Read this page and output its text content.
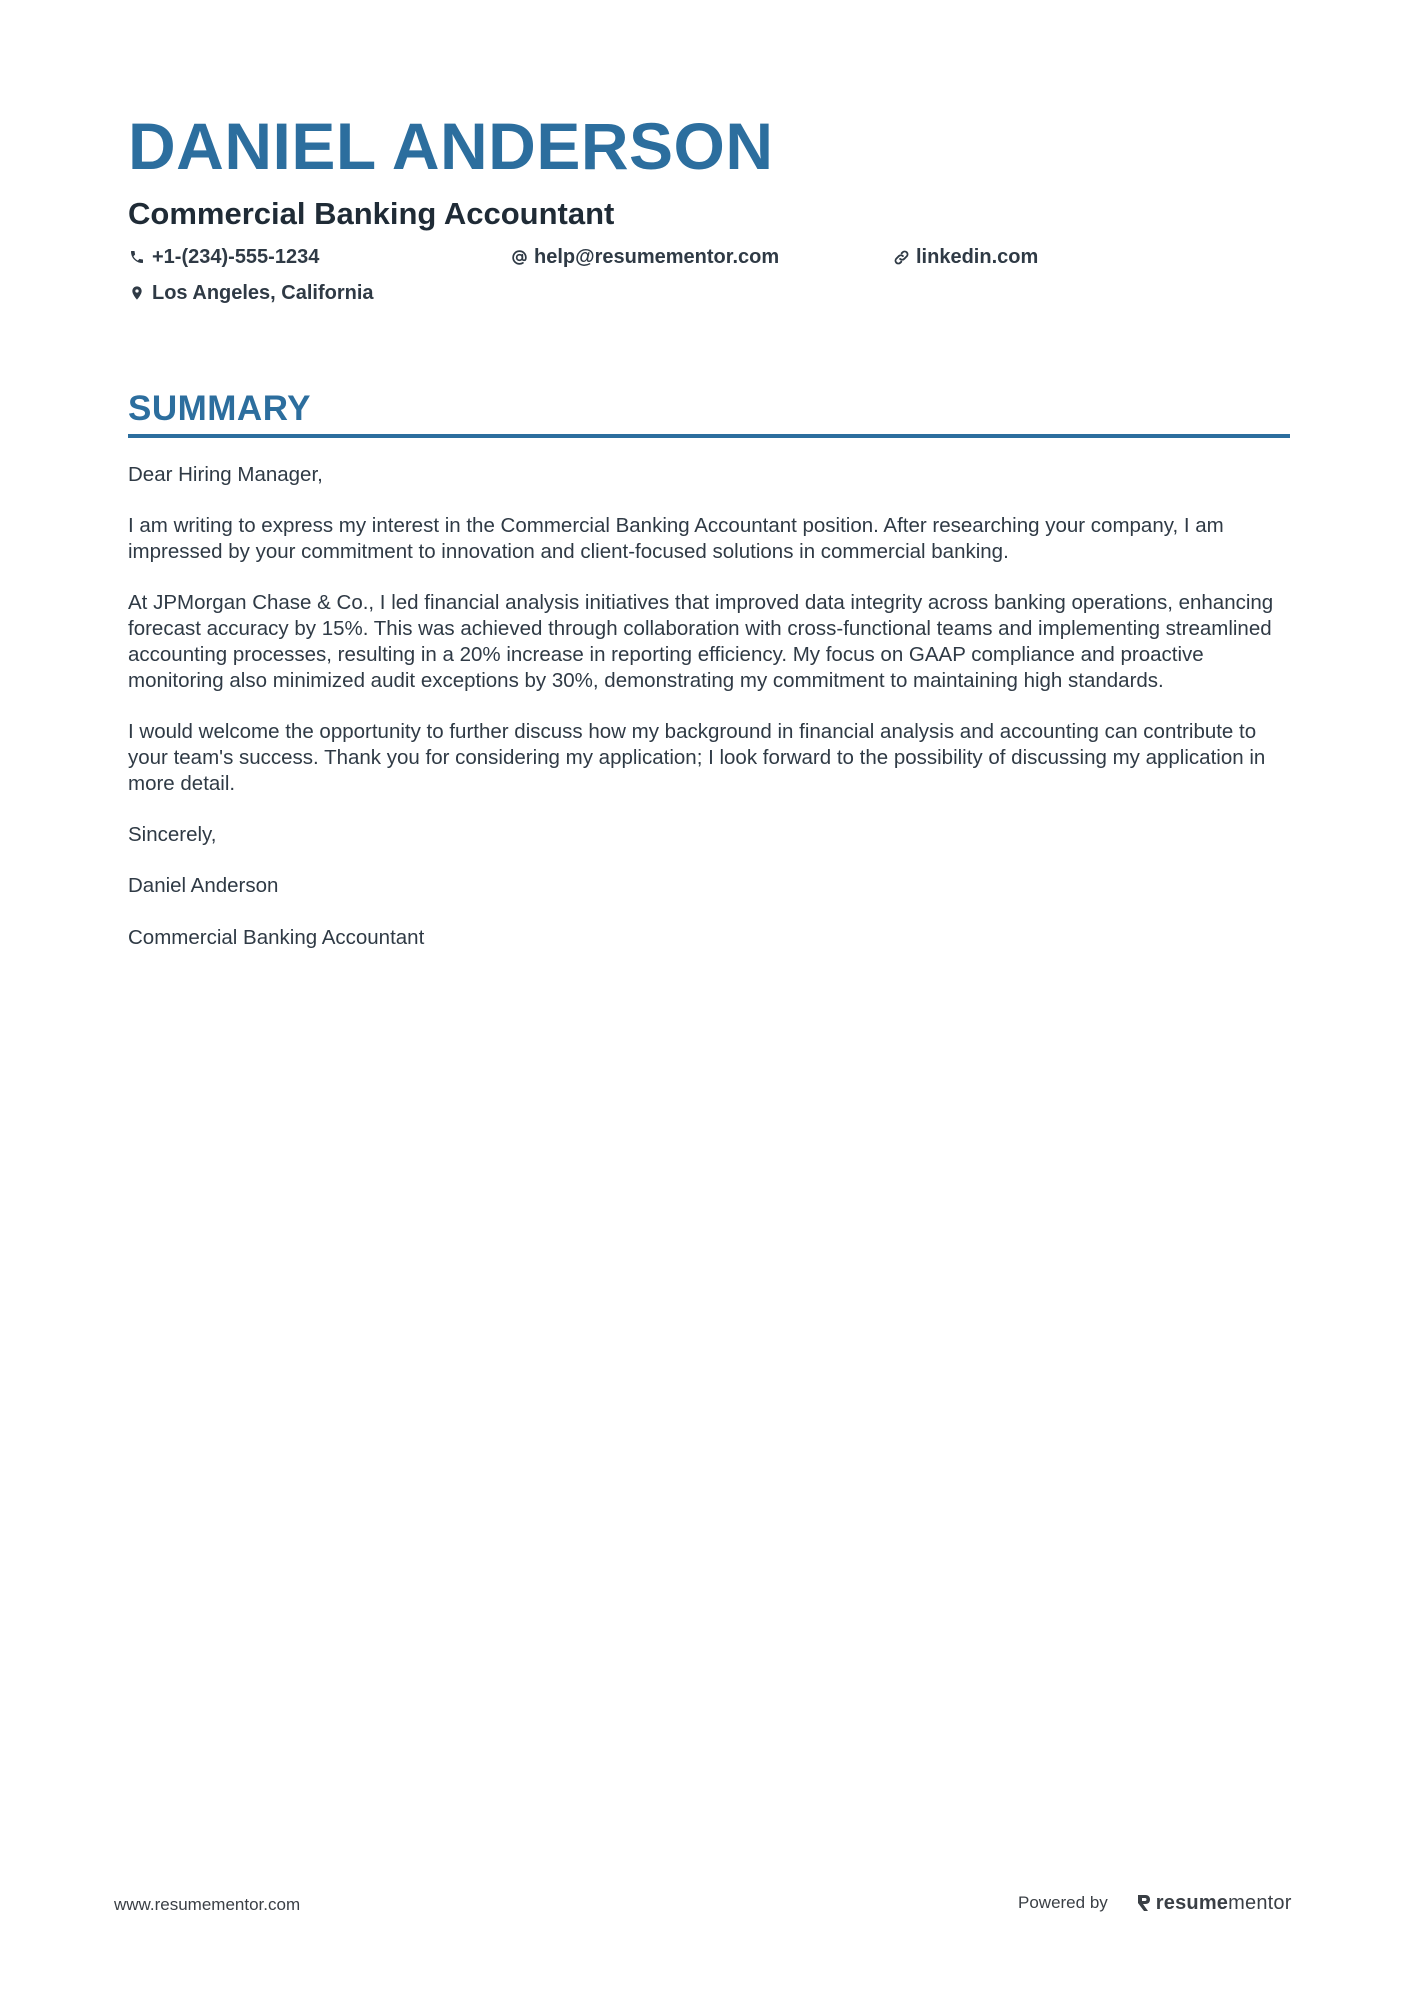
DANIEL ANDERSON
Commercial Banking Accountant
+1-(234)-555-1234	help@resumementor.com	linkedin.com
Los Angeles, California
SUMMARY

Dear Hiring Manager,

I am writing to express my interest in the Commercial Banking Accountant position. After researching your company, I am impressed by your commitment to innovation and client-focused solutions in commercial banking.

At JPMorgan Chase & Co., I led financial analysis initiatives that improved data integrity across banking operations, enhancing forecast accuracy by 15%. This was achieved through collaboration with cross-functional teams and implementing streamlined accounting processes, resulting in a 20% increase in reporting efficiency. My focus on GAAP compliance and proactive monitoring also minimized audit exceptions by 30%, demonstrating my commitment to maintaining high standards.

I would welcome the opportunity to further discuss how my background in financial analysis and accounting can contribute to your team's success. Thank you for considering my application; I look forward to the possibility of discussing my application in more detail.

Sincerely,

Daniel Anderson

Commercial Banking Accountant

www.resumementor.com	Powered by resumementor
